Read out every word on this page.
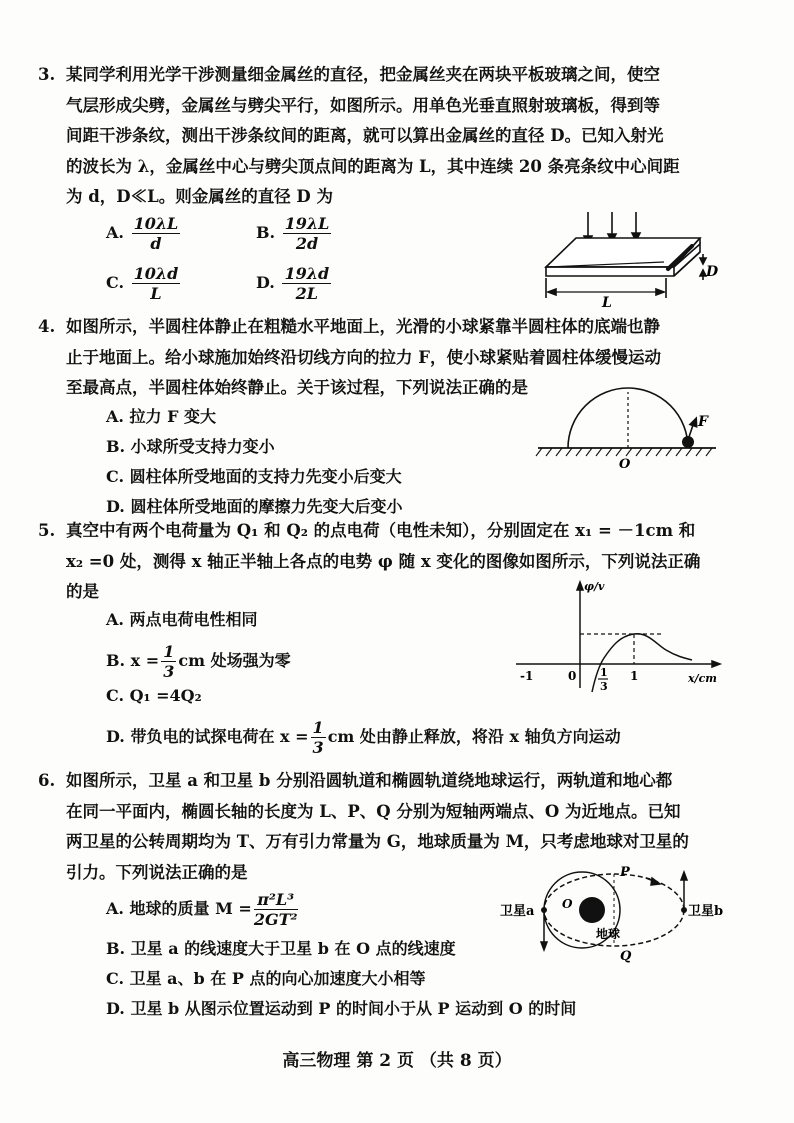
3. 某同学利用光学干涉测量细金属丝的直径，把金属丝夹在两块平板玻璃之间，使空
气层形成尖劈，金属丝与劈尖平行，如图所示。用单色光垂直照射玻璃板，得到等
间距干涉条纹，测出干涉条纹间的距离，就可以算出金属丝的直径 D。已知入射光
的波长为 λ，金属丝中心与劈尖顶点间的距离为 L，其中连续 20 条亮条纹中心间距
为 d，D≪L。则金属丝的直径 D 为
A. $\frac{10\lambda L}{d}$	B. $\frac{19\lambda L}{2d}$
C. $\frac{10\lambda d}{L}$	D. $\frac{19\lambda d}{2L}$	D
L
4. 如图所示，半圆柱体静止在粗糙水平地面上，光滑的小球紧靠半圆柱体的底端也静
止于地面上。给小球施加始终沿切线方向的拉力 F，使小球紧贴着圆柱体缓慢运动
至最高点，半圆柱体始终静止。关于该过程，下列说法正确的是
A. 拉力 F 变大
B. 小球所受支持力变小
C. 圆柱体所受地面的支持力先变小后变大
D. 圆柱体所受地面的摩擦力先变大后变小
F
O
5. 真空中有两个电荷量为 Q₁ 和 Q₂ 的点电荷（电性未知），分别固定在 x₁ = －1cm 和
x₂ =0 处，测得 x 轴正半轴上各点的电势 φ 随 x 变化的图像如图所示，下列说法正确
的是
A. 两点电荷电性相同
B. $x = \frac{1}{3}$ cm 处场强为零
C. Q₁ =4Q₂
D. 带负电的试探电荷在 $x = \frac{1}{3}$ cm 处由静止释放，将沿 x 轴负方向运动
φ/v
x/cm
-1	0 1
3
1
6. 如图所示，卫星 a 和卫星 b 分别沿圆轨道和椭圆轨道绕地球运行，两轨道和地心都
在同一平面内，椭圆长轴的长度为 L、P、Q 分别为短轴两端点、O 为近地点。已知
两卫星的公转周期均为 T、万有引力常量为 G，地球质量为 M，只考虑地球对卫星的
引力。下列说法正确的是
A. 地球的质量 $M = \frac{\text{π²L³}}{\text{2GT²}}$
B. 卫星 a 的线速度大于卫星 b 在 O 点的线速度
C. 卫星 a、b 在 P 点的向心加速度大小相等
D. 卫星 b 从图示位置运动到 P 的时间小于从 P 运动到 O 的时间
卫星a	卫星b
地球
P
Q
O
高三物理 第 2 页 （共 8 页）
